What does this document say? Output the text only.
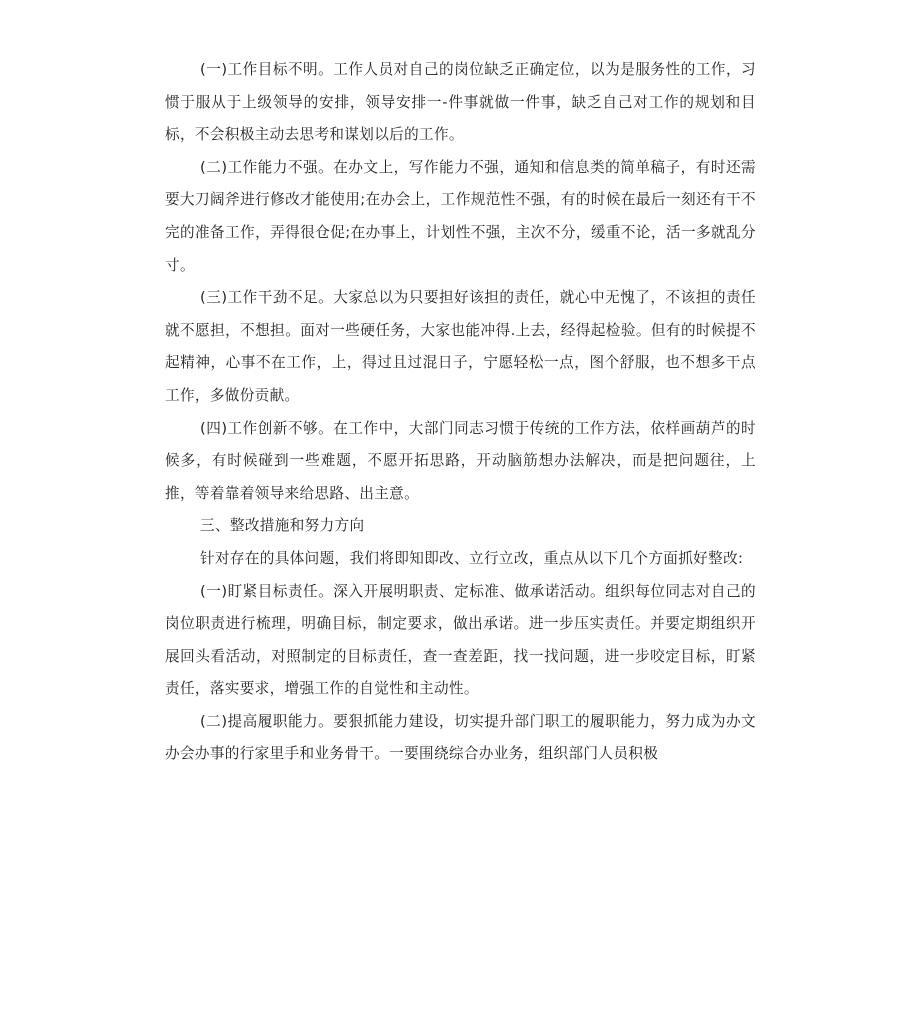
(一)工作目标不明。工作人员对自己的岗位缺乏正确定位，以为是服务性的工作，习惯于服从于上级领导的安排，领导安排一-件事就做一件事，缺乏自己对工作的规划和目标，不会积极主动去思考和谋划以后的工作。

(二)工作能力不强。在办文上，写作能力不强，通知和信息类的简单稿子，有时还需要大刀阔斧进行修改才能使用;在办会上，工作规范性不强，有的时候在最后一刻还有干不完的准备工作，弄得很仓促;在办事上，计划性不强，主次不分，缓重不论，活一多就乱分寸。

(三)工作干劲不足。大家总以为只要担好该担的责任，就心中无愧了，不该担的责任就不愿担，不想担。面对一些硬任务，大家也能冲得.上去，经得起检验。但有的时候提不起精神，心事不在工作，上，得过且过混日子，宁愿轻松一点，图个舒服，也不想多干点工作，多做份贡献。

(四)工作创新不够。在工作中，大部门同志习惯于传统的工作方法，依样画葫芦的时候多，有时候碰到一些难题，不愿开拓思路，开动脑筋想办法解决，而是把问题往，上推，等着靠着领导来给思路、出主意。

三、整改措施和努力方向

针对存在的具体问题，我们将即知即改、立行立改，重点从以下几个方面抓好整改:

(一)盯紧目标责任。深入开展明职责、定标准、做承诺活动。组织每位同志对自己的岗位职责进行梳理，明确目标，制定要求，做出承诺。进一步压实责任。并要定期组织开展回头看活动，对照制定的目标责任，查一查差距，找一找问题，进一步咬定目标，盯紧责任，落实要求，增强工作的自觉性和主动性。

(二)提高履职能力。要狠抓能力建设，切实提升部门职工的履职能力，努力成为办文办会办事的行家里手和业务骨干。一要围绕综合办业务，组织部门人员积极
